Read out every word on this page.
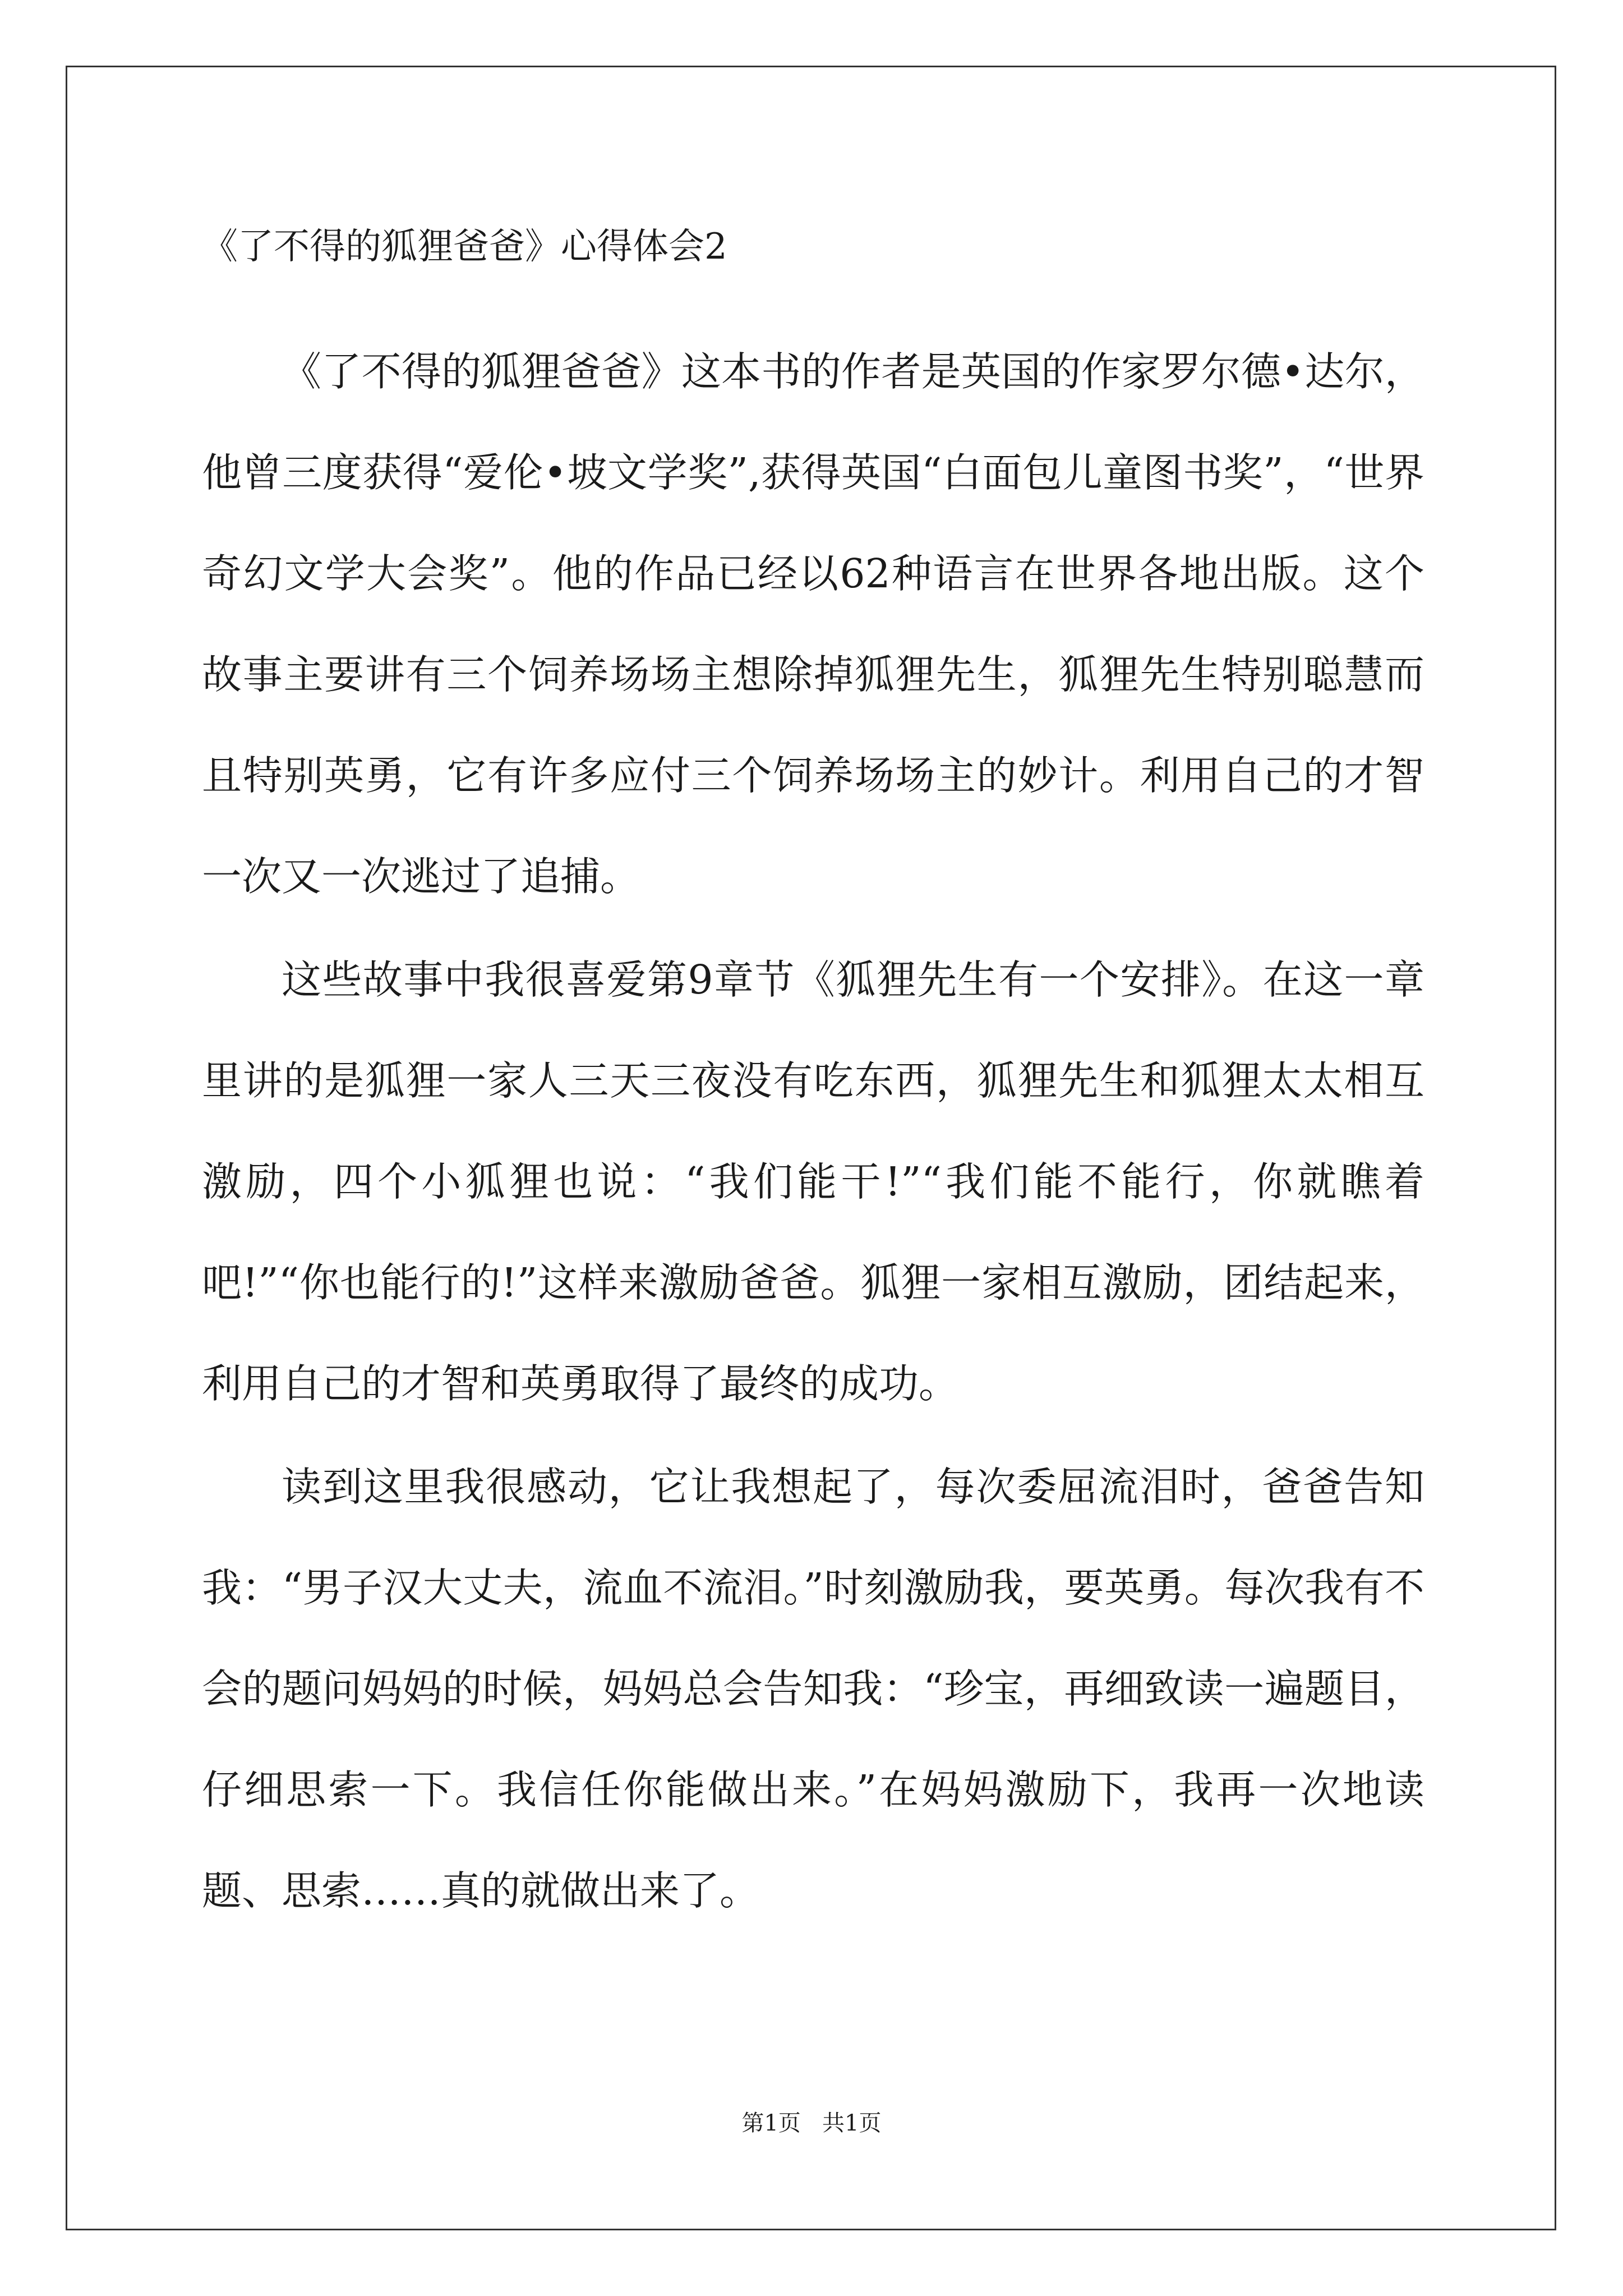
《了不得的狐狸爸爸》心得体会2

《了不得的狐狸爸爸》这本书的作者是英国的作家罗尔德•达尔，他曾三度获得“爱伦•坡文学奖”,获得英国“白面包儿童图书奖”，“世界奇幻文学大会奖”。他的作品已经以62种语言在世界各地出版。这个故事主要讲有三个饲养场场主想除掉狐狸先生，狐狸先生特别聪慧而且特别英勇，它有许多应付三个饲养场场主的妙计。利用自己的才智一次又一次逃过了追捕。

这些故事中我很喜爱第9章节《狐狸先生有一个安排》。在这一章里讲的是狐狸一家人三天三夜没有吃东西，狐狸先生和狐狸太太相互激励，四个小狐狸也说：“我们能干!”“我们能不能行，你就瞧着吧!”“你也能行的!”这样来激励爸爸。狐狸一家相互激励，团结起来，利用自己的才智和英勇取得了最终的成功。

读到这里我很感动，它让我想起了，每次委屈流泪时，爸爸告知我：“男子汉大丈夫，流血不流泪。”时刻激励我，要英勇。每次我有不会的题问妈妈的时候，妈妈总会告知我：“珍宝，再细致读一遍题目，仔细思索一下。我信任你能做出来。”在妈妈激励下，我再一次地读题、思索……真的就做出来了。

第1页   共1页
